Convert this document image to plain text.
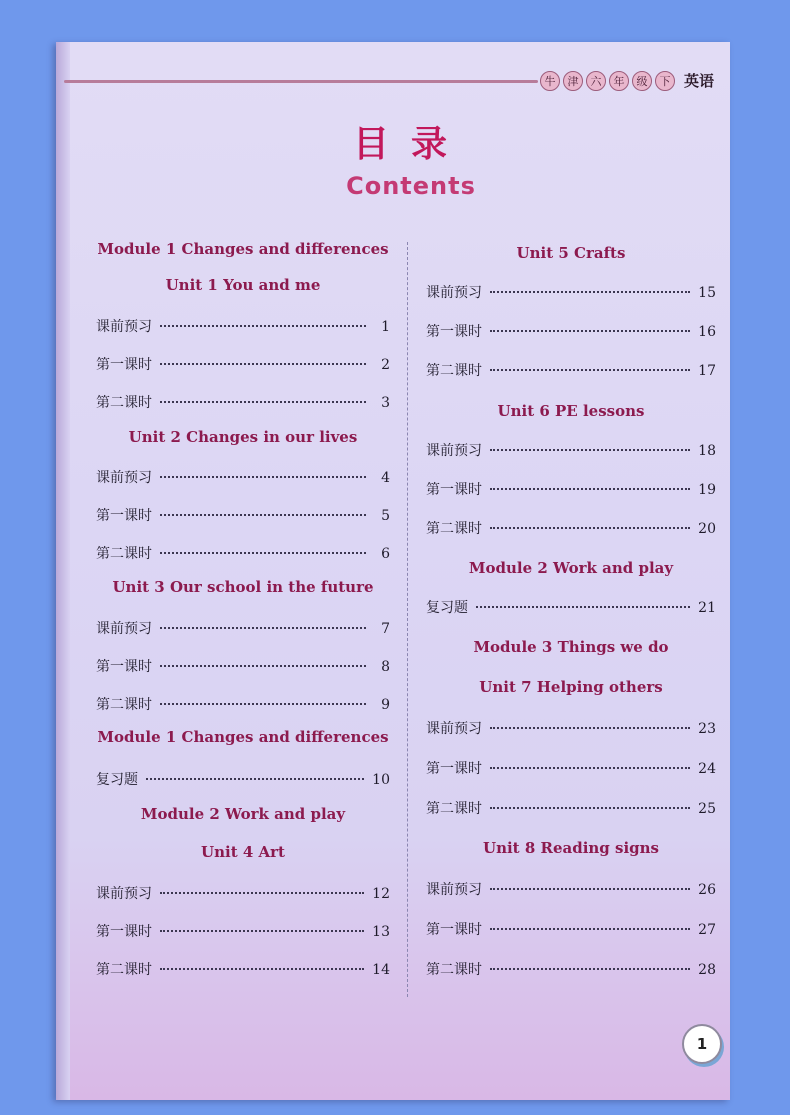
牛	津	六	年	级	下 英语
目录
Contents
Module 1 Changes and differences
Unit 1 You and me
课前预习	1
第一课时	2
第二课时	3
Unit 2 Changes in our lives
课前预习	4
第一课时	5
第二课时	6
Unit 3 Our school in the future
课前预习	7
第一课时	8
第二课时	9
Module 1 Changes and differences
复习题	10
Module 2 Work and play
Unit 4 Art
课前预习	12
第一课时	13
第二课时	14
Unit 5 Crafts
课前预习	15
第一课时	16
第二课时	17
Unit 6 PE lessons
课前预习	18
第一课时	19
第二课时	20
Module 2 Work and play
复习题	21
Module 3 Things we do
Unit 7 Helping others
课前预习	23
第一课时	24
第二课时	25
Unit 8 Reading signs
课前预习	26
第一课时	27
第二课时	28
1
